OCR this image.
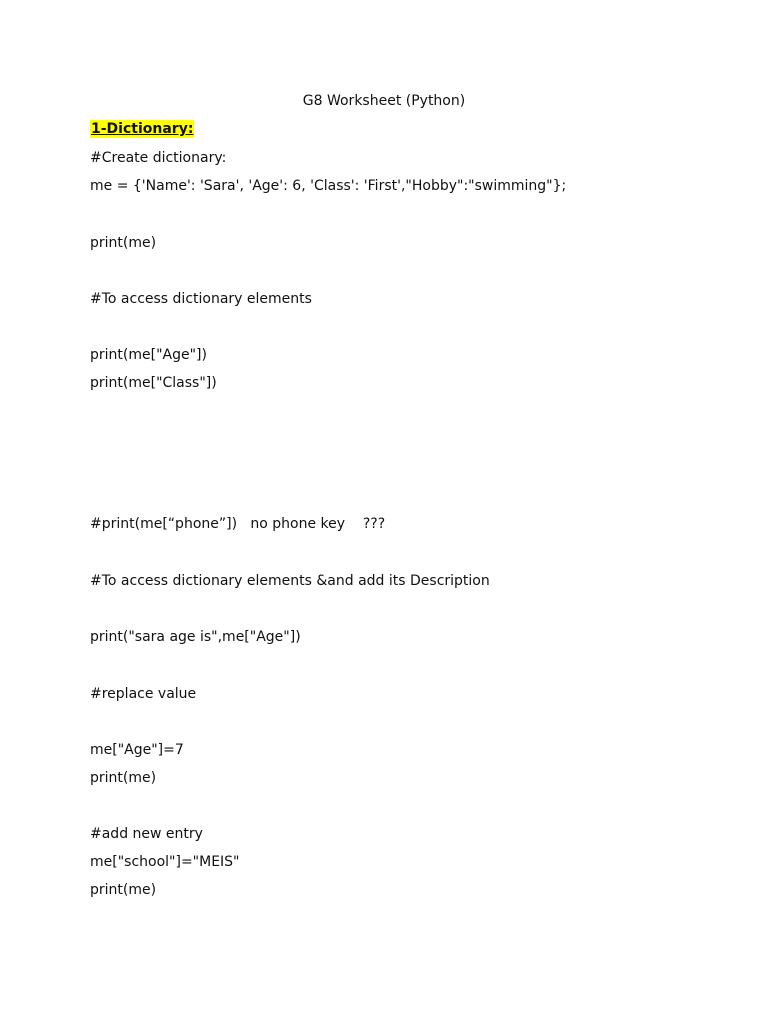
G8 Worksheet (Python)
1-Dictionary:
#Create dictionary:
me = {'Name': 'Sara', 'Age': 6, 'Class': 'First',"Hobby":"swimming"};
print(me)
#To access dictionary elements
print(me["Age"])
print(me["Class"])
#print(me[“phone”])   no phone key    ???
#To access dictionary elements &and add its Description
print("sara age is",me["Age"])
#replace value
me["Age"]=7
print(me)
#add new entry
me["school"]="MEIS"
print(me)
